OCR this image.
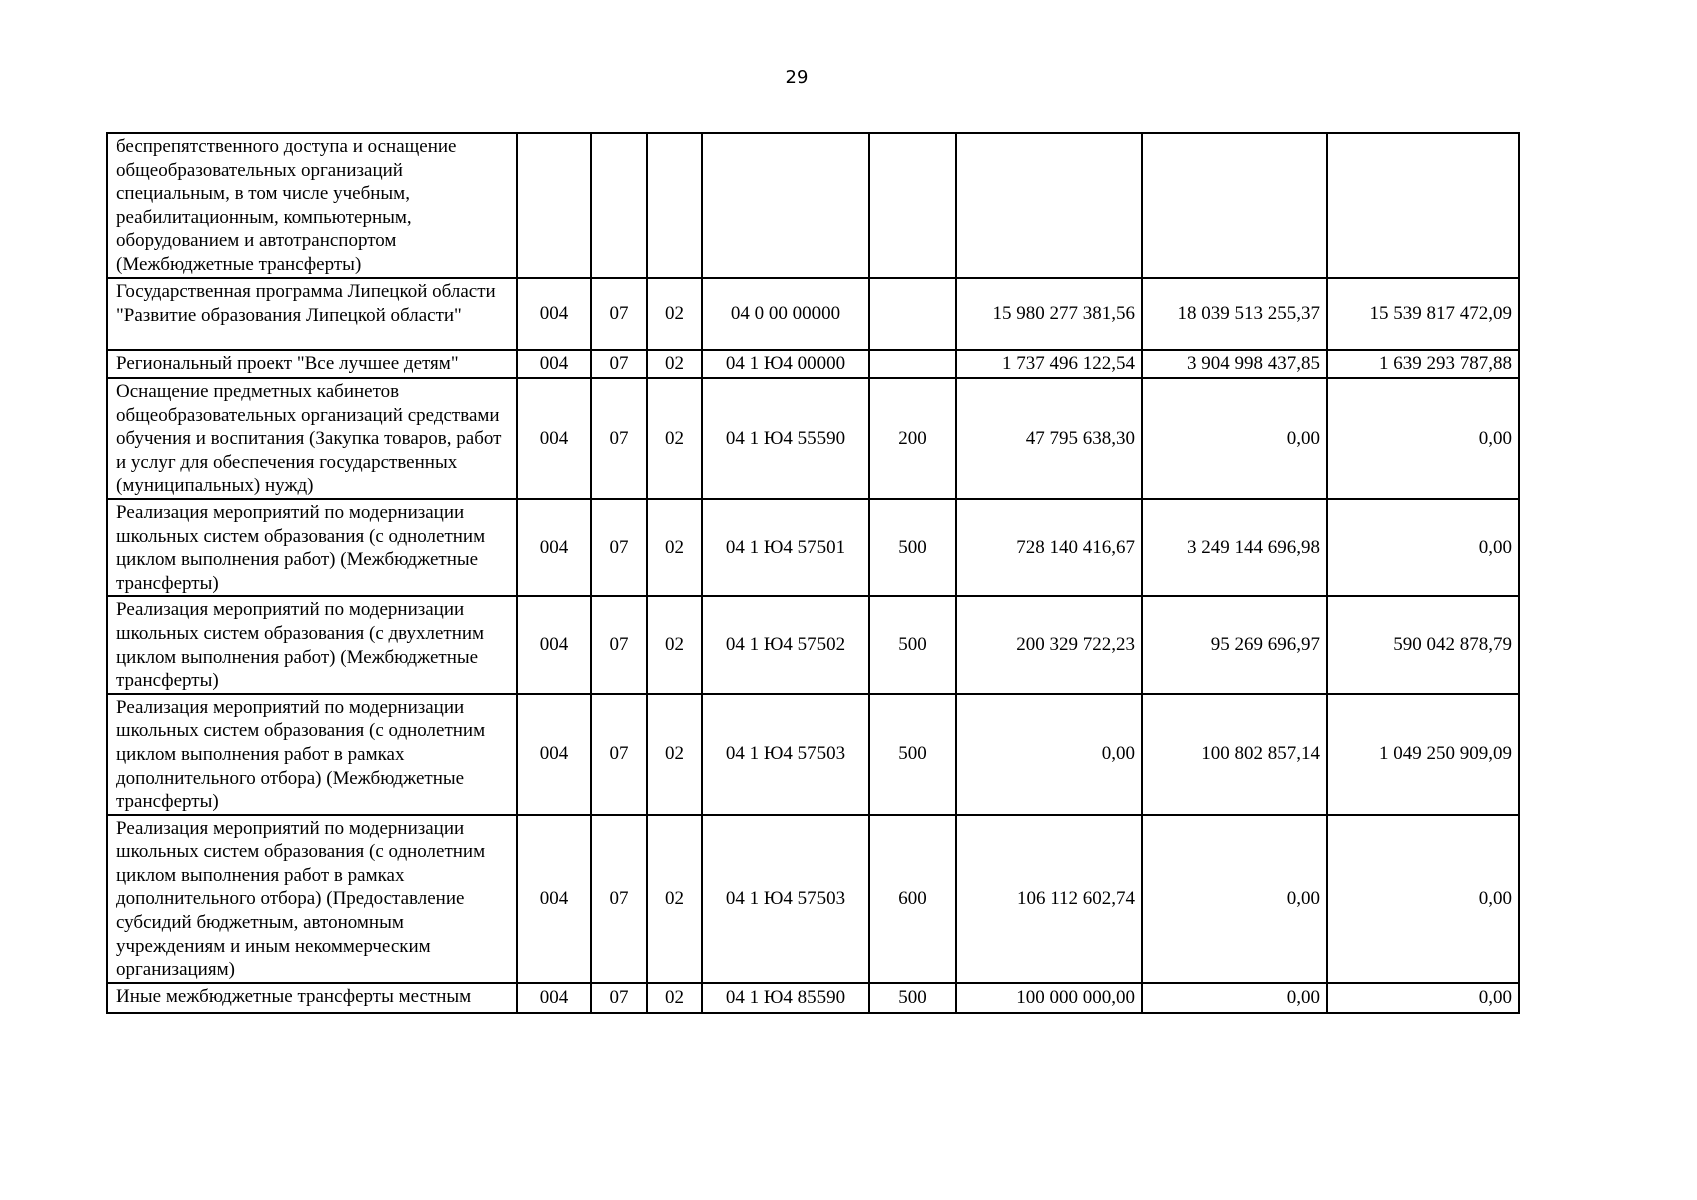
29
беспрепятственного доступа и оснащение общеобразовательных организаций специальным, в том числе учебным, реабилитационным, компьютерным, оборудованием и автотранспортом (Межбюджетные трансферты)								
Государственная программа Липецкой области "Развитие образования Липецкой области"	004	07	02	04 0 00 00000		15 980 277 381,56	18 039 513 255,37	15 539 817 472,09
Региональный проект "Все лучшее детям"	004	07	02	04 1 Ю4 00000		1 737 496 122,54	3 904 998 437,85	1 639 293 787,88
Оснащение предметных кабинетов общеобразовательных организаций средствами обучения и воспитания (Закупка товаров, работ и услуг для обеспечения государственных (муниципальных) нужд)	004	07	02	04 1 Ю4 55590	200	47 795 638,30	0,00	0,00
Реализация мероприятий по модернизации школьных систем образования (с однолетним циклом выполнения работ) (Межбюджетные трансферты)	004	07	02	04 1 Ю4 57501	500	728 140 416,67	3 249 144 696,98	0,00
Реализация мероприятий по модернизации школьных систем образования (с двухлетним циклом выполнения работ) (Межбюджетные трансферты)	004	07	02	04 1 Ю4 57502	500	200 329 722,23	95 269 696,97	590 042 878,79
Реализация мероприятий по модернизации школьных систем образования (с однолетним циклом выполнения работ в рамках дополнительного отбора) (Межбюджетные трансферты)	004	07	02	04 1 Ю4 57503	500	0,00	100 802 857,14	1 049 250 909,09
Реализация мероприятий по модернизации школьных систем образования (с однолетним циклом выполнения работ в рамках дополнительного отбора) (Предоставление субсидий бюджетным, автономным учреждениям и иным некоммерческим организациям)	004	07	02	04 1 Ю4 57503	600	106 112 602,74	0,00	0,00
Иные межбюджетные трансферты местным	004	07	02	04 1 Ю4 85590	500	100 000 000,00	0,00	0,00
